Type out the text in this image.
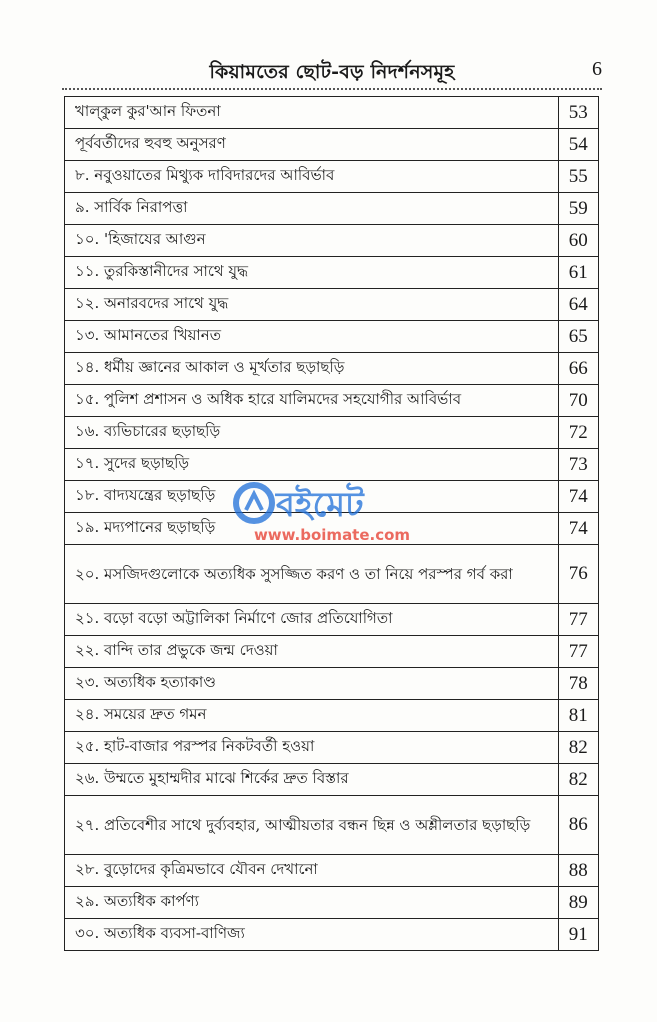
কিয়ামতের ছোট-বড় নিদর্শনসমূহ	6
খাল্‌কুল কুর'আন ফিতনা	53
পূর্ববর্তীদের হুবহু অনুসরণ	54
৮. নবুওয়াতের মিথ্যুক দাবিদারদের আবির্ভাব	55
৯. সার্বিক নিরাপত্তা	59
১০. 'হিজাযের আগুন	60
১১. তুরকিস্তানীদের সাথে যুদ্ধ	61
১২. অনারবদের সাথে যুদ্ধ	64
১৩. আমানতের খিয়ানত	65
১৪. ধর্মীয় জ্ঞানের আকাল ও মূর্খতার ছড়াছড়ি	66
১৫. পুলিশ প্রশাসন ও অধিক হারে যালিমদের সহযোগীর আবির্ভাব	70
১৬. ব্যভিচারের ছড়াছড়ি	72
১৭. সুদের ছড়াছড়ি	73
১৮. বাদ্যযন্ত্রের ছড়াছড়ি	74
১৯. মদ্যপানের ছড়াছড়ি	74
২০. মসজিদগুলোকে অত্যধিক সুসজ্জিত করণ ও তা নিয়ে পরস্পর গর্ব করা	76
২১. বড়ো বড়ো অট্টালিকা নির্মাণে জোর প্রতিযোগিতা	77
২২. বান্দি তার প্রভুকে জন্ম দেওয়া	77
২৩. অত্যধিক হত্যাকাণ্ড	78
২৪. সময়ের দ্রুত গমন	81
২৫. হাট-বাজার পরস্পর নিকটবর্তী হওয়া	82
২৬. উম্মতে মুহাম্মদীর মাঝে শির্কের দ্রুত বিস্তার	82
২৭. প্রতিবেশীর সাথে দুর্ব্যবহার, আত্মীয়তার বন্ধন ছিন্ন ও অশ্লীলতার ছড়াছড়ি	86
২৮. বুড়োদের কৃত্রিমভাবে যৌবন দেখানো	88
২৯. অত্যধিক কার্পণ্য	89
৩০. অত্যধিক ব্যবসা-বাণিজ্য	91
বইমেট
www.boimate.com
